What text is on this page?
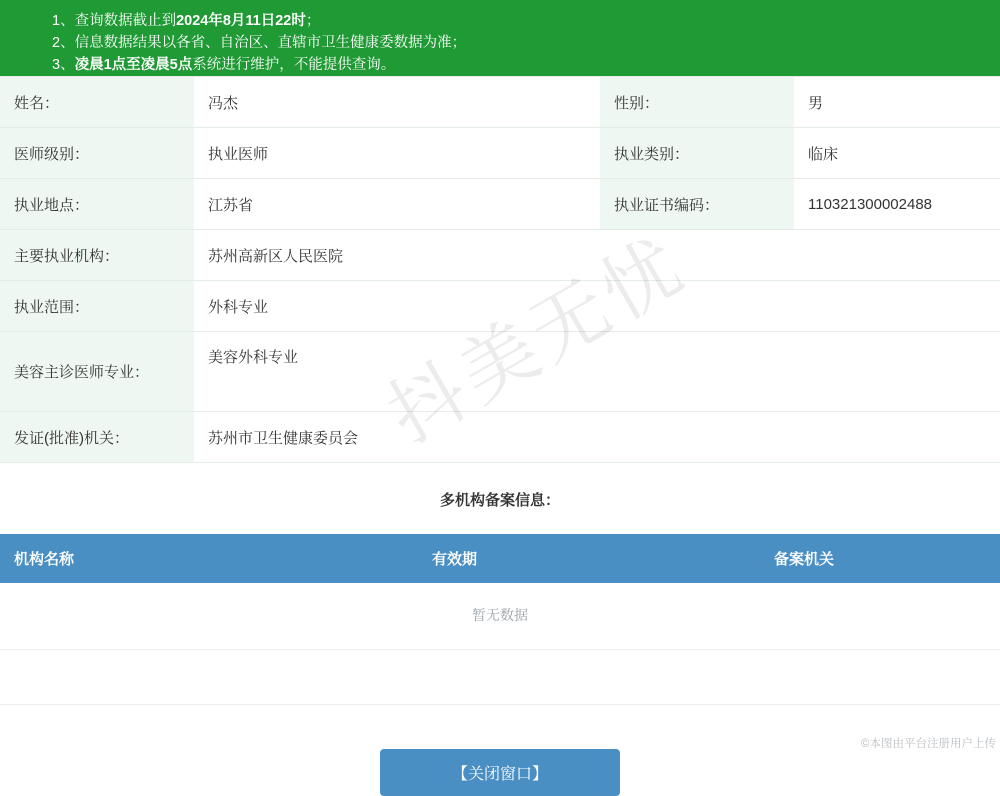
1、 查询数据截止到 2024年8月11日22时 ；
2、 信息数据结果以各省、自治区、直辖市卫生健康委数据为准；
3、 凌晨1点至凌晨5点 系统进行维护，不能提供查询。
姓名：	冯杰	性别：	男
医师级别：	执业医师	执业类别：	临床
执业地点：	江苏省	执业证书编码：	110321300002488
主要执业机构：	苏州高新区人民医院		
执业范围：	外科专业		
美容主诊医师专业：	美容外科专业		
发证(批准)机关：	苏州市卫生健康委员会		
多机构备案信息：
机构名称	有效期	备案机关
暂无数据

【关闭窗口】
©本图由平台注册用户上传
